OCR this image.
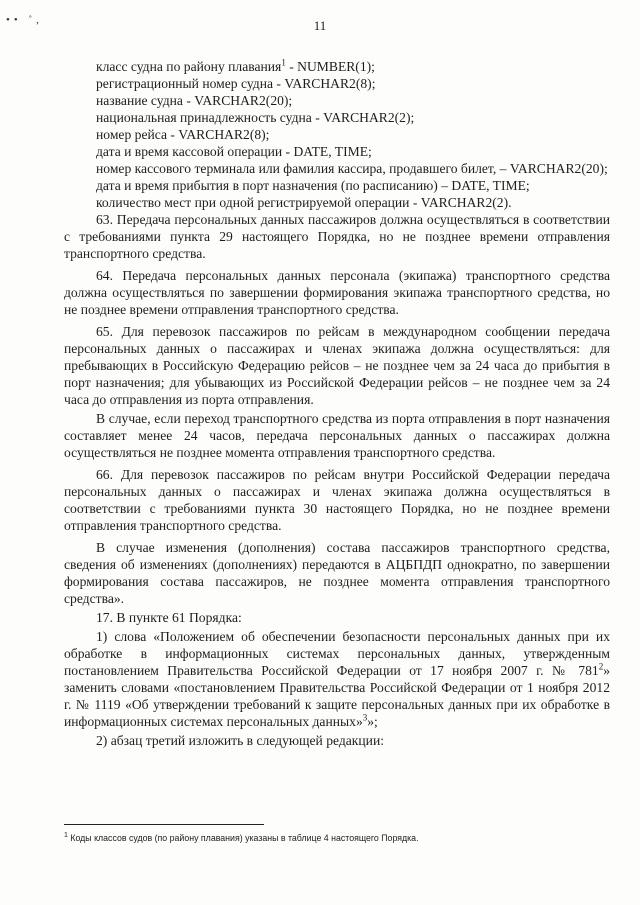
•• ˚,	11

класс судна по району плавания$^1$ - NUMBER(1);

регистрационный номер судна - VARCHAR2(8);

название судна - VARCHAR2(20);

национальная принадлежность судна - VARCHAR2(2);

номер рейса - VARCHAR2(8);

дата и время кассовой операции - DATE, TIME;

номер кассового терминала или фамилия кассира, продавшего билет, – VARCHAR2(20);

дата и время прибытия в порт назначения (по расписанию) – DATE, TIME;

количество мест при одной регистрируемой операции - VARCHAR2(2).

63. Передача персональных данных пассажиров должна осуществляться в соответствии с требованиями пункта 29 настоящего Порядка, но не позднее времени отправления транспортного средства.

64. Передача персональных данных персонала (экипажа) транспортного средства должна осуществляться по завершении формирования экипажа транспортного средства, но не позднее времени отправления транспортного средства.

65. Для перевозок пассажиров по рейсам в международном сообщении передача персональных данных о пассажирах и членах экипажа должна осуществляться: для пребывающих в Российскую Федерацию рейсов – не позднее чем за 24 часа до прибытия в порт назначения; для убывающих из Российской Федерации рейсов – не позднее чем за 24 часа до отправления из порта отправления.

В случае, если переход транспортного средства из порта отправления в порт назначения составляет менее 24 часов, передача персональных данных о пассажирах должна осуществляться не позднее момента отправления транспортного средства.

66. Для перевозок пассажиров по рейсам внутри Российской Федерации передача персональных данных о пассажирах и членах экипажа должна осуществляться в соответствии с требованиями пункта 30 настоящего Порядка, но не позднее времени отправления транспортного средства.

В случае изменения (дополнения) состава пассажиров транспортного средства, сведения об изменениях (дополнениях) передаются в АЦБПДП однократно, по завершении формирования состава пассажиров, не позднее момента отправления транспортного средства».

17. В пункте 61 Порядка:

1) слова «Положением об обеспечении безопасности персональных данных при их обработке в информационных системах персональных данных, утвержденным постановлением Правительства Российской Федерации от 17 ноября 2007 г. № $781^2$» заменить словами «постановлением Правительства Российской Федерации от 1 ноября 2012 г. № 1119 «Об утверждении требований к защите персональных данных при их обработке в информационных системах персональных данных»$^3$»;

2) абзац третий изложить в следующей редакции:

$^1$ Коды классов судов (по району плавания) указаны в таблице 4 настоящего Порядка.
